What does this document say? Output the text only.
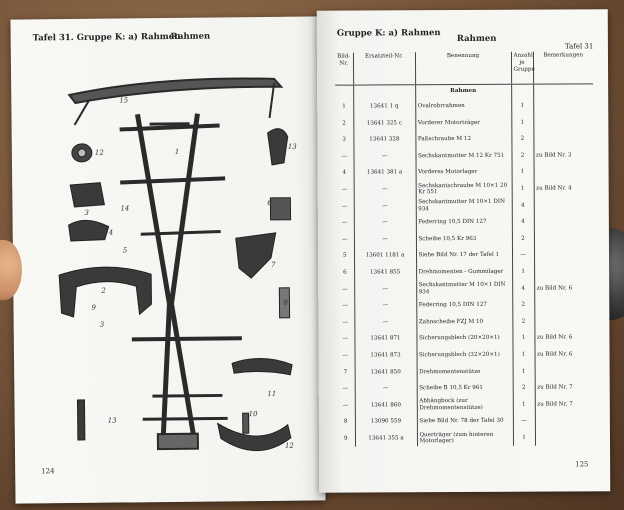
Tafel 31. Gruppe K: a) Rahmen
Rahmen
15
1
12
13
3
14
6
4
5
2
9
7
8
3
11
10
13
12
124
Gruppe K: a) Rahmen
Rahmen
Tafel 31
Bild-Nr.	Ersatzteil-Nr.	Benennung	Anzahl je Gruppe	Bemerkungen
		Rahmen		
1	13641 1 q	Ovalrohrrahmen	1	
2	13641 325 c	Vorderer Motorträger	1	
3	13641 328	Paßschraube M 12	2	
—	—	Sechskantmutter M 12 Kr 751	2	zu Bild Nr. 3
4	13641 381 a	Vorderes Motorlager	1	
—	—	Sechskantschraube M 10×1 20 Kr 551	1	zu Bild Nr. 4
—	—	Sechskantmutter M 10×1 DIN 934	4	
—	—	Federring 10,5 DIN 127	4	
—	—	Scheibe 10,5 Kr 963	2	
5	13601 1181 a	Siehe Bild Nr. 17 der Tafel 1	—	
6	13641 855	Drehmomenten - Gummilager	1	
—	—	Sechskantmutter M 10×1 DIN 934	4	zu Bild Nr. 6
—	—	Federring 10,5 DIN 127	2	
—	—	Zahnscheibe FZJ M 10	2	
—	13641 871	Sicherungsblech (20×20×1)	1	zu Bild Nr. 6
—	13641 873	Sicherungsblech (32×20×1)	1	zu Bild Nr. 6
7	13641 850	Drehmomentenstütze	1	
—	—	Scheibe B 10,5 Kr 961	2	zu Bild Nr. 7
—	13641 860	Abhängbock (zur Drehmomentenstütze)	1	zu Bild Nr. 7
8	13090 559	Siehe Bild Nr. 78 der Tafel 30	—	
9	13641 355 a	Querträger (zum hinteren Motorlager)	1	
125
